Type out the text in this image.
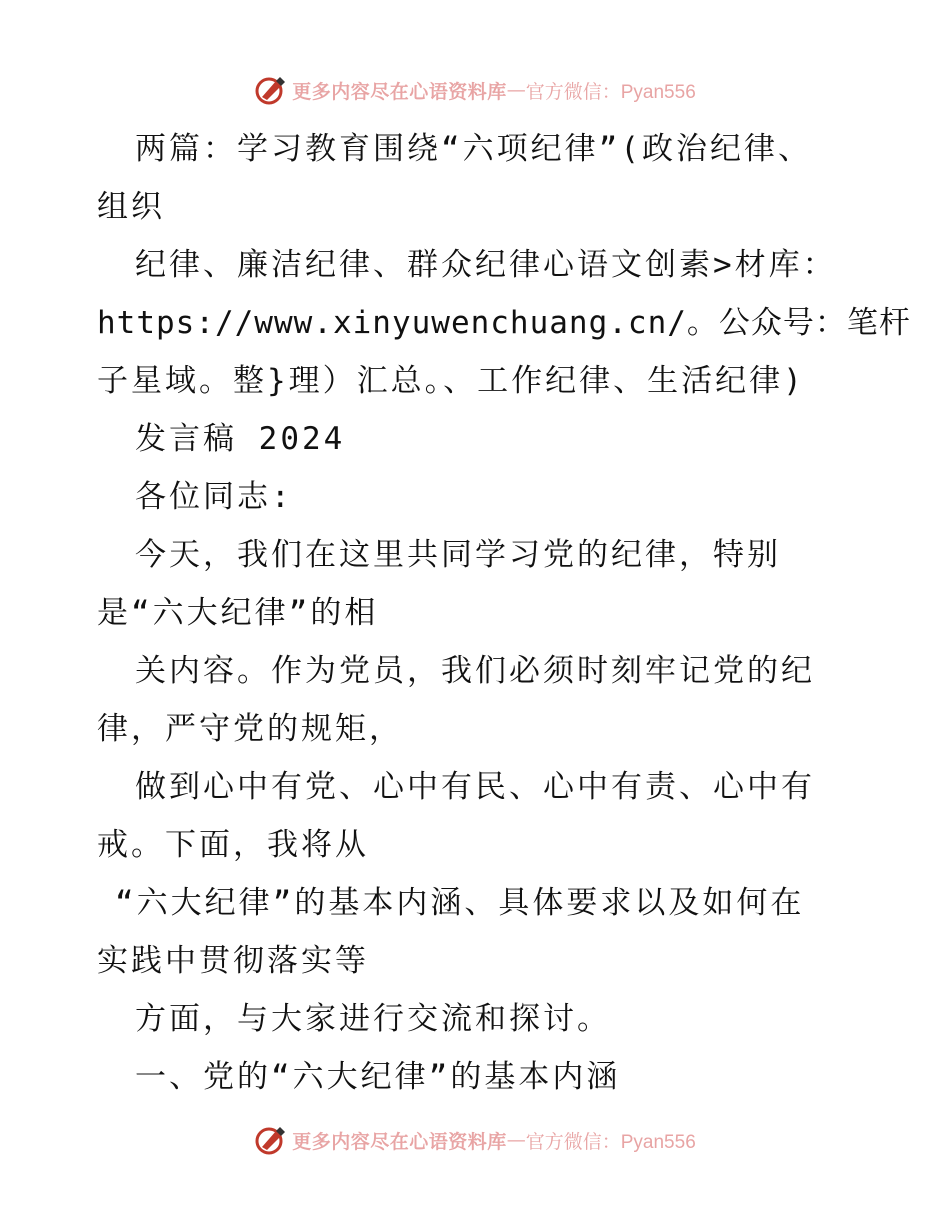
更多内容尽在心语资料库 — 官方微信：Pyan556
两篇：学习教育围绕“六项纪律”(政治纪律、
组织
纪律、廉洁纪律、群众纪律心语文创素>材库：
https://www.xinyuwenchuang.cn/。公众号：笔杆
子星域。整}理）汇总。、工作纪律、生活纪律)
发言稿 2024
各位同志:
今天，我们在这里共同学习党的纪律，特别
是“六大纪律”的相
关内容。作为党员，我们必须时刻牢记党的纪
律，严守党的规矩，
做到心中有党、心中有民、心中有责、心中有
戒。下面，我将从
“六大纪律”的基本内涵、具体要求以及如何在
实践中贯彻落实等
方面，与大家进行交流和探讨。
一、党的“六大纪律”的基本内涵
更多内容尽在心语资料库 — 官方微信：Pyan556
